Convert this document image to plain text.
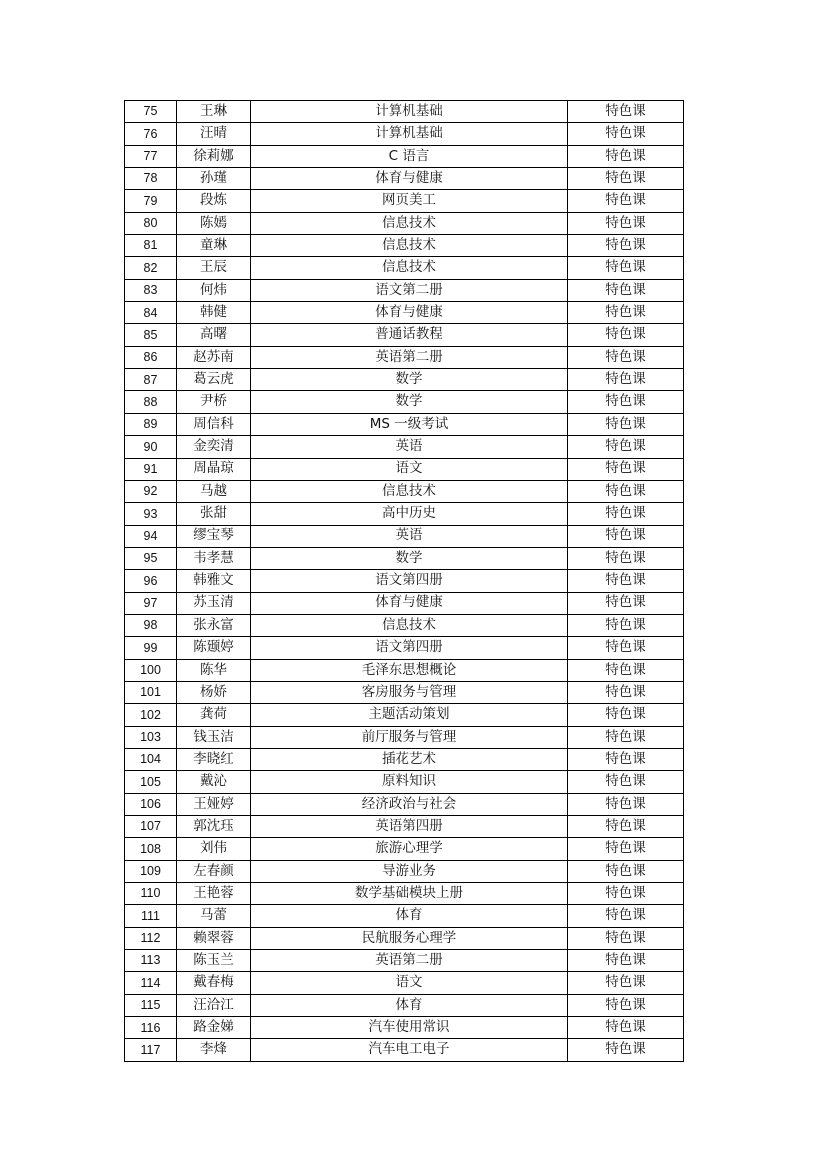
75	王琳	计算机基础	特色课
76	汪晴	计算机基础	特色课
77	徐莉娜	C 语言	特色课
78	孙瑾	体育与健康	特色课
79	段炼	网页美工	特色课
80	陈嫣	信息技术	特色课
81	童琳	信息技术	特色课
82	王辰	信息技术	特色课
83	何炜	语文第二册	特色课
84	韩健	体育与健康	特色课
85	高曙	普通话教程	特色课
86	赵苏南	英语第二册	特色课
87	葛云虎	数学	特色课
88	尹桥	数学	特色课
89	周信科	MS 一级考试	特色课
90	金奕清	英语	特色课
91	周晶琼	语文	特色课
92	马越	信息技术	特色课
93	张甜	高中历史	特色课
94	缪宝琴	英语	特色课
95	韦孝慧	数学	特色课
96	韩雅文	语文第四册	特色课
97	苏玉清	体育与健康	特色课
98	张永富	信息技术	特色课
99	陈颋婷	语文第四册	特色课
100	陈华	毛泽东思想概论	特色课
101	杨娇	客房服务与管理	特色课
102	龚荷	主题活动策划	特色课
103	钱玉洁	前厅服务与管理	特色课
104	李晓红	插花艺术	特色课
105	戴沁	原料知识	特色课
106	王娅婷	经济政治与社会	特色课
107	郭沈珏	英语第四册	特色课
108	刘伟	旅游心理学	特色课
109	左春颜	导游业务	特色课
110	王艳蓉	数学基础模块上册	特色课
111	马蕾	体育	特色课
112	赖翠蓉	民航服务心理学	特色课
113	陈玉兰	英语第二册	特色课
114	戴春梅	语文	特色课
115	汪洽江	体育	特色课
116	路金娣	汽车使用常识	特色课
117	李烽	汽车电工电子	特色课
